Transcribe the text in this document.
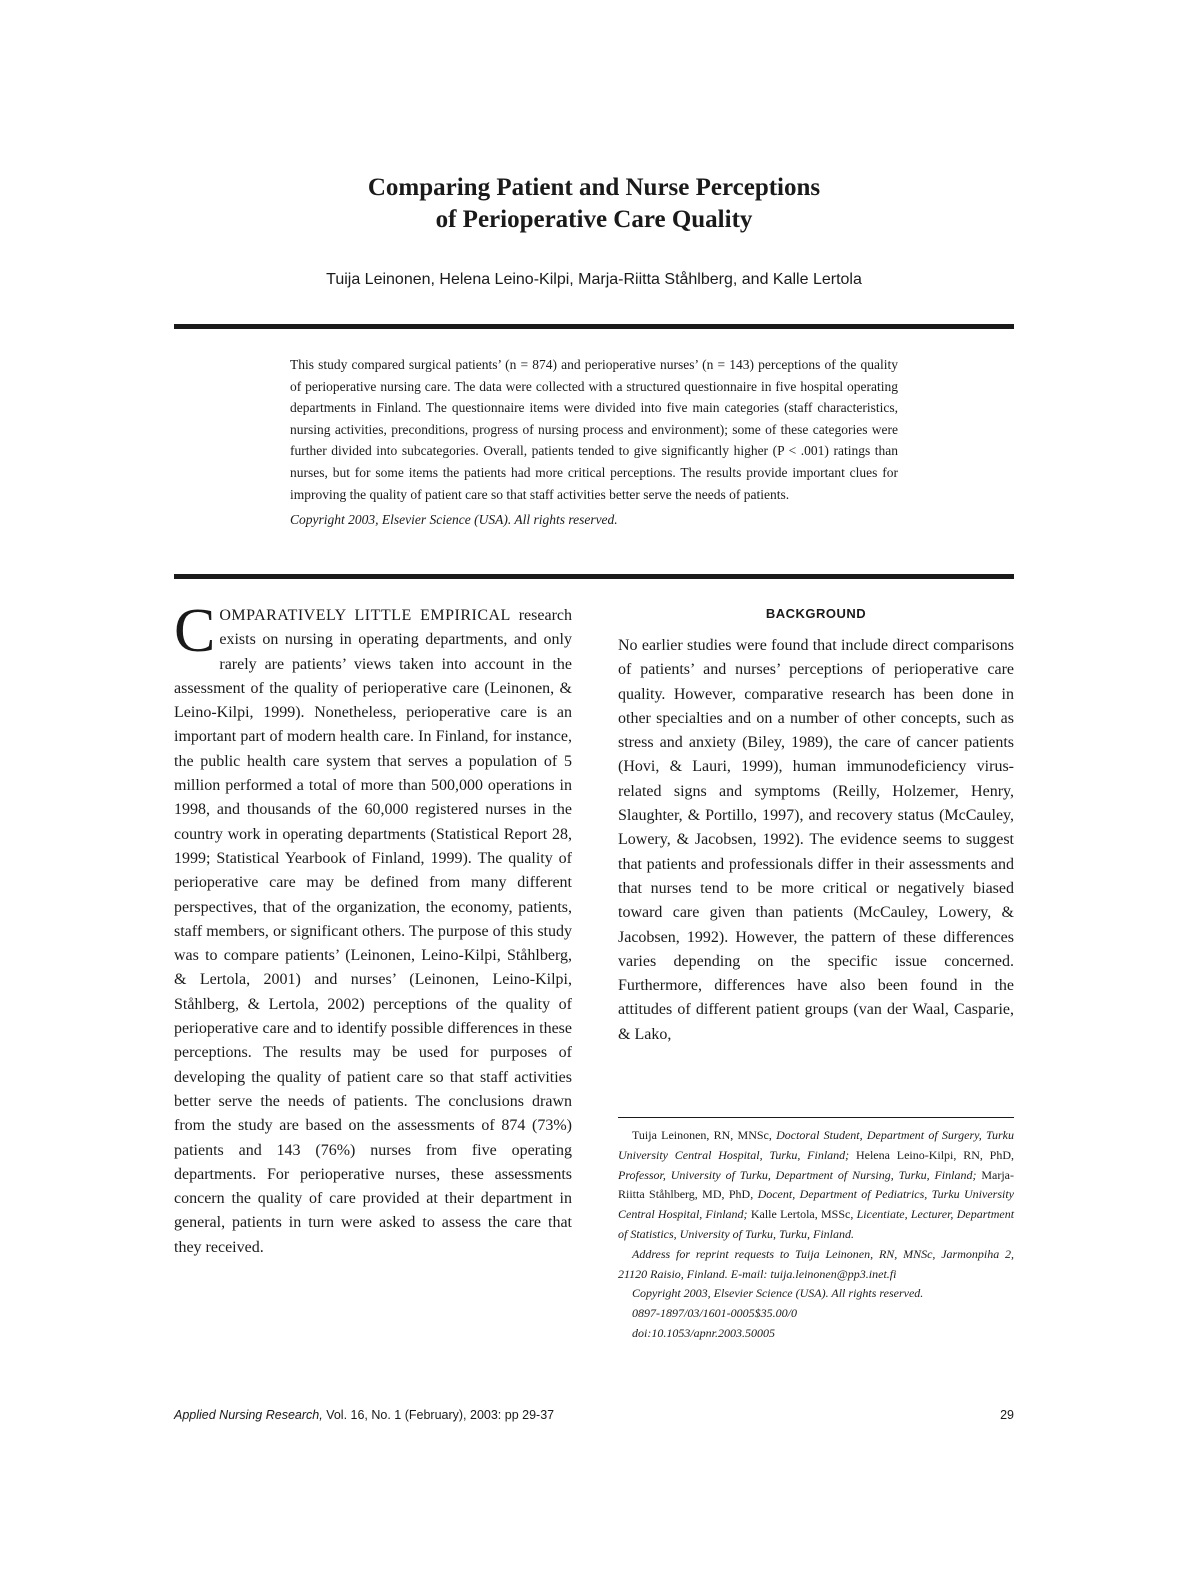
Comparing Patient and Nurse Perceptions
of Perioperative Care Quality
Tuija Leinonen, Helena Leino-Kilpi, Marja-Riitta Ståhlberg, and Kalle Lertola

This study compared surgical patients’ (n = 874) and perioperative nurses’ (n = 143) perceptions of the quality of perioperative nursing care. The data were collected with a structured questionnaire in five hospital operating departments in Finland. The questionnaire items were divided into five main categories (staff characteristics, nursing activities, preconditions, progress of nursing process and environment); some of these categories were further divided into subcategories. Overall, patients tended to give significantly higher (P < .001) ratings than nurses, but for some items the patients had more critical perceptions. The results provide important clues for improving the quality of patient care so that staff activities better serve the needs of patients.

Copyright 2003, Elsevier Science (USA). All rights reserved.

COMPARATIVELY LITTLE EMPIRICAL research exists on nursing in operating departments, and only rarely are patients’ views taken into account in the assessment of the quality of perioperative care (Leinonen, & Leino-Kilpi, 1999). Nonetheless, perioperative care is an important part of modern health care. In Finland, for instance, the public health care system that serves a population of 5 million performed a total of more than 500,000 operations in 1998, and thousands of the 60,000 registered nurses in the country work in operating departments (Statistical Report 28, 1999; Statistical Yearbook of Finland, 1999). The quality of perioperative care may be defined from many different perspectives, that of the organization, the economy, patients, staff members, or significant others. The purpose of this study was to compare patients’ (Leinonen, Leino-Kilpi, Ståhlberg, & Lertola, 2001) and nurses’ (Leinonen, Leino-Kilpi, Ståhlberg, & Lertola, 2002) perceptions of the quality of perioperative care and to identify possible differences in these perceptions. The results may be used for purposes of developing the quality of patient care so that staff activities better serve the needs of patients. The conclusions drawn from the study are based on the assessments of 874 (73%) patients and 143 (76%) nurses from five operating departments. For perioperative nurses, these assessments concern the quality of care provided at their department in general, patients in turn were asked to assess the care that they received.

BACKGROUND

No earlier studies were found that include direct comparisons of patients’ and nurses’ perceptions of perioperative care quality. However, comparative research has been done in other specialties and on a number of other concepts, such as stress and anxiety (Biley, 1989), the care of cancer patients (Hovi, & Lauri, 1999), human immunodeficiency virus-related signs and symptoms (Reilly, Holzemer, Henry, Slaughter, & Portillo, 1997), and recovery status (McCauley, Lowery, & Jacobsen, 1992). The evidence seems to suggest that patients and professionals differ in their assessments and that nurses tend to be more critical or negatively biased toward care given than patients (McCauley, Lowery, & Jacobsen, 1992). However, the pattern of these differences varies depending on the specific issue concerned. Furthermore, differences have also been found in the attitudes of different patient groups (van der Waal, Casparie, & Lako,

Tuija Leinonen, RN, MNSc, Doctoral Student, Department of Surgery, Turku University Central Hospital, Turku, Finland; Helena Leino-Kilpi, RN, PhD, Professor, University of Turku, Department of Nursing, Turku, Finland; Marja-Riitta Ståhlberg, MD, PhD, Docent, Department of Pediatrics, Turku University Central Hospital, Finland; Kalle Lertola, MSSc, Licentiate, Lecturer, Department of Statistics, University of Turku, Turku, Finland.

Address for reprint requests to Tuija Leinonen, RN, MNSc, Jarmonpiha 2, 21120 Raisio, Finland. E-mail: tuija.leinonen@pp3.inet.fi

Copyright 2003, Elsevier Science (USA). All rights reserved.

0897-1897/03/1601-0005$35.00/0

doi:10.1053/apnr.2003.50005

Applied Nursing Research, Vol. 16, No. 1 (February), 2003: pp 29-37	29
